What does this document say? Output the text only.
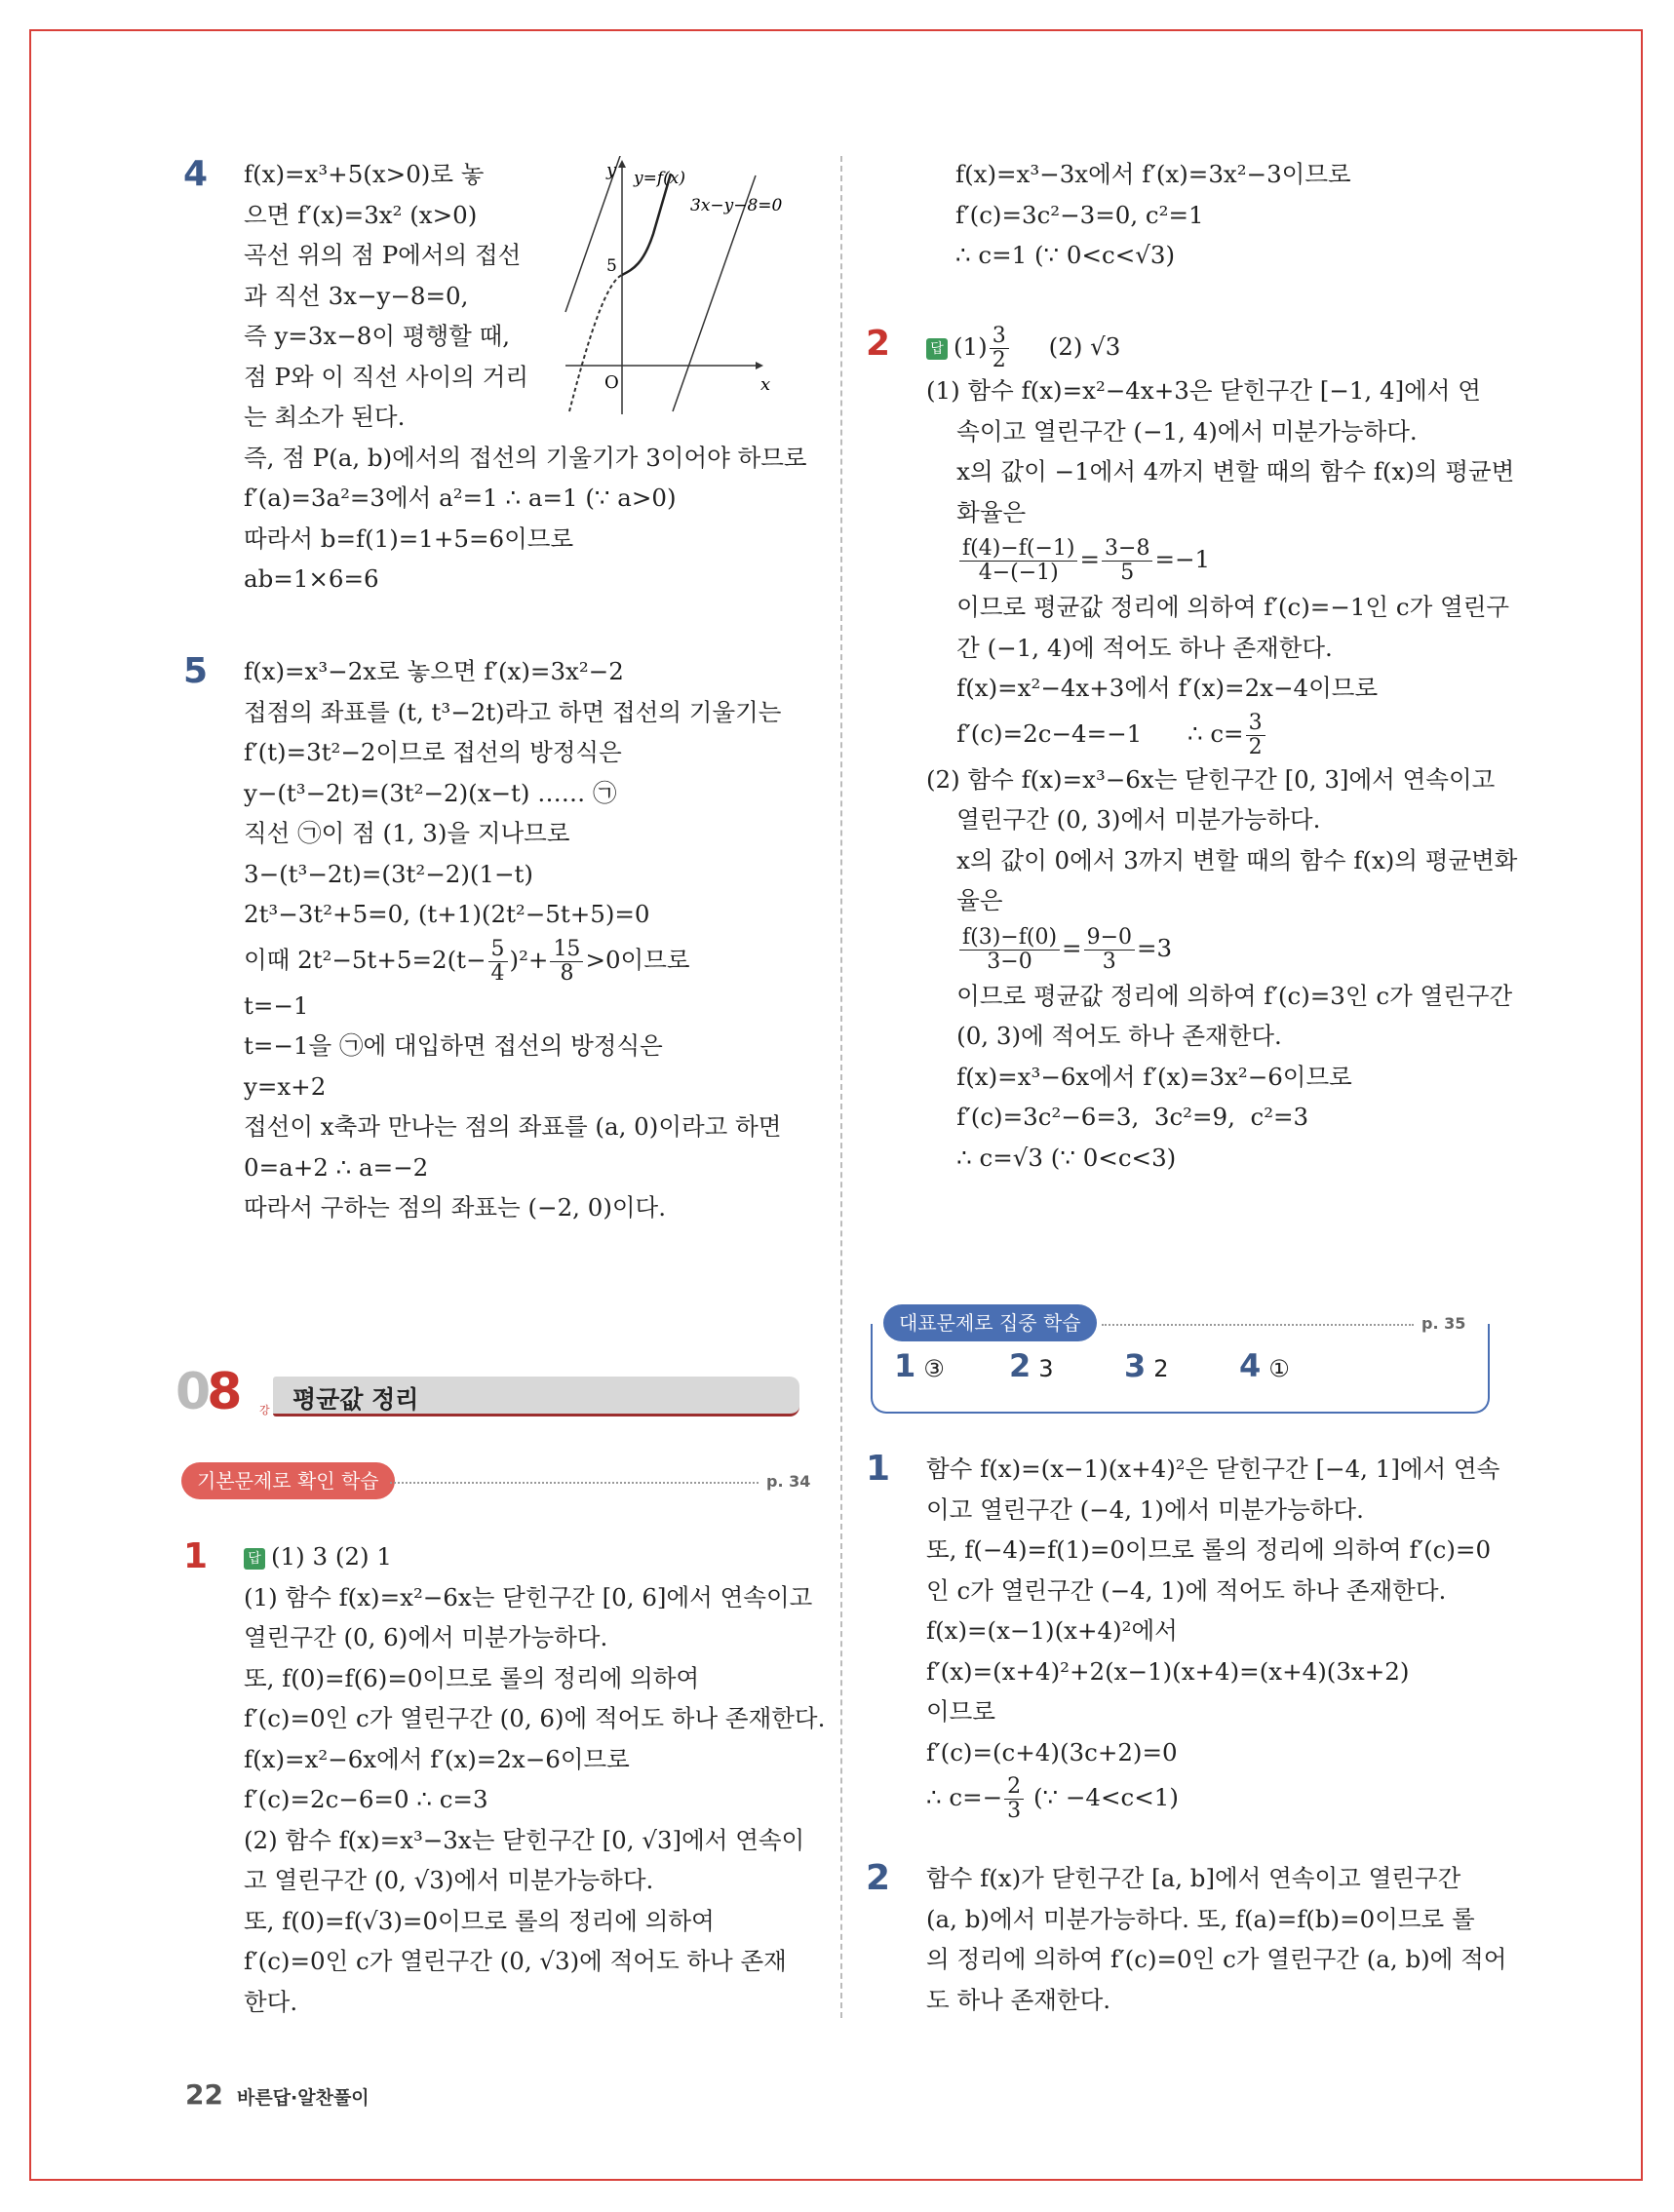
4 f(x)=x³+5(x>0)로 놓
으면 f′(x)=3x² (x>0)
곡선 위의 점 P에서의 접선
과 직선 3x−y−8=0,
즉 y=3x−8이 평행할 때,
점 P와 이 직선 사이의 거리
는 최소가 된다.
즉, 점 P(a, b)에서의 접선의 기울기가 3이어야 하므로
f′(a)=3a²=3에서 a²=1 ∴ a=1 (∵ a>0)
따라서 b=f(1)=1+5=6이므로
ab=1×6=6
y
x
O
5
y=f(x)
3x−y−8=0
5 f(x)=x³−2x로 놓으면 f′(x)=3x²−2
접점의 좌표를 (t, t³−2t)라고 하면 접선의 기울기는
f′(t)=3t²−2이므로 접선의 방정식은
y−(t³−2t)=(3t²−2)(x−t) …… ㉠
직선 ㉠이 점 (1, 3)을 지나므로
3−(t³−2t)=(3t²−2)(1−t)
2t³−3t²+5=0, (t+1)(2t²−5t+5)=0
이때 $2t^2-5t+5=2(t- \frac{5}{4} )^2+ \frac{15}{8} >0$이므로
t=−1
t=−1을 ㉠에 대입하면 접선의 방정식은
y=x+2
접선이 x축과 만나는 점의 좌표를 (a, 0)이라고 하면
0=a+2 ∴ a=−2
따라서 구하는 점의 좌표는 (−2, 0)이다.
08 강 평균값 정리
기본문제로 확인 학습	p. 34
1	답 (1) 3 (2) 1
(1) 함수 f(x)=x²−6x는 닫힌구간 [0, 6]에서 연속이고
열린구간 (0, 6)에서 미분가능하다.
또, f(0)=f(6)=0이므로 롤의 정리에 의하여
f′(c)=0인 c가 열린구간 (0, 6)에 적어도 하나 존재한다.
f(x)=x²−6x에서 f′(x)=2x−6이므로
f′(c)=2c−6=0 ∴ c=3
(2) 함수 f(x)=x³−3x는 닫힌구간 [0, √3]에서 연속이
고 열린구간 (0, √3)에서 미분가능하다.
또, f(0)=f(√3)=0이므로 롤의 정리에 의하여
f′(c)=0인 c가 열린구간 (0, √3)에 적어도 하나 존재
한다.
f(x)=x³−3x에서 f′(x)=3x²−3이므로
f′(c)=3c²−3=0, c²=1
∴ c=1 (∵ 0<c<√3)
2	답 $(1) \frac{3}{2} (2)$ √3
(1) 함수 f(x)=x²−4x+3은 닫힌구간 [−1, 4]에서 연
속이고 열린구간 (−1, 4)에서 미분가능하다.
x의 값이 −1에서 4까지 변할 때의 함수 f(x)의 평균변
화율은
$\frac{f(4)-f(-1)}{4-(-1)} = \frac{3-8}{5} =-1$
이므로 평균값 정리에 의하여 f′(c)=−1인 c가 열린구
간 (−1, 4)에 적어도 하나 존재한다.
f(x)=x²−4x+3에서 f′(x)=2x−4이므로
f′(c)=2c−4=−1      ∴ $c= \frac{3}{2}$
(2) 함수 f(x)=x³−6x는 닫힌구간 [0, 3]에서 연속이고
열린구간 (0, 3)에서 미분가능하다.
x의 값이 0에서 3까지 변할 때의 함수 f(x)의 평균변화
율은
$\frac{f(3)-f(0)}{3-0} = \frac{9-0}{3} =3$
이므로 평균값 정리에 의하여 f′(c)=3인 c가 열린구간
(0, 3)에 적어도 하나 존재한다.
f(x)=x³−6x에서 f′(x)=3x²−6이므로
f′(c)=3c²−6=3,  3c²=9,  c²=3
∴ c=√3 (∵ 0<c<3)
대표문제로 집중 학습	p. 35
1 ③ 2 3 3 2 4 ①
1 함수 f(x)=(x−1)(x+4)²은 닫힌구간 [−4, 1]에서 연속
이고 열린구간 (−4, 1)에서 미분가능하다.
또, f(−4)=f(1)=0이므로 롤의 정리에 의하여 f′(c)=0
인 c가 열린구간 (−4, 1)에 적어도 하나 존재한다.
f(x)=(x−1)(x+4)²에서
f′(x)=(x+4)²+2(x−1)(x+4)=(x+4)(3x+2)
이므로
f′(c)=(c+4)(3c+2)=0
∴ $c=- \frac{2}{3}$ (∵ −4<c<1)
2 함수 f(x)가 닫힌구간 [a, b]에서 연속이고 열린구간
(a, b)에서 미분가능하다. 또, f(a)=f(b)=0이므로 롤
의 정리에 의하여 f′(c)=0인 c가 열린구간 (a, b)에 적어
도 하나 존재한다.
22 바른답·알찬풀이
